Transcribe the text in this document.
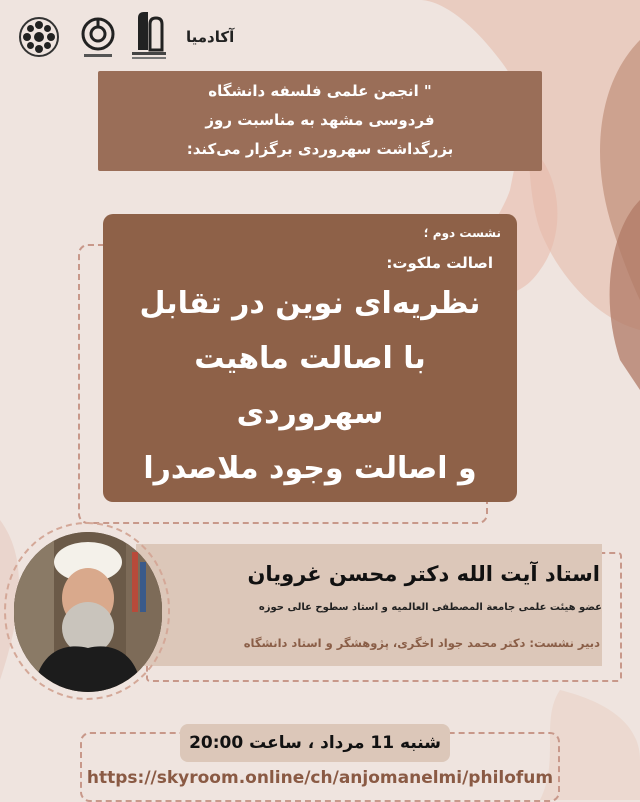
آکادمیا
" انجمن علمی فلسفه دانشگاه
فردوسی مشهد به مناسبت روز
بزرگداشت سهروردی برگزار می‌کند:
نشست دوم ؛
اصالت ملکوت:
نظریه‌ای نوین در تقابل
با اصالت ماهیت سهروردی
و اصالت وجود ملاصدرا
استاد آیت الله دکتر محسن غرویان
عضو هیئت علمی جامعة المصطفی العالمیه و استاد سطوح عالی حوزه
دبیر نشست: دکتر محمد جواد اخگری، پژوهشگر و استاد دانشگاه
شنبه 11 مرداد ، ساعت 20:00
https://skyroom.online/ch/anjomanelmi/philofum
